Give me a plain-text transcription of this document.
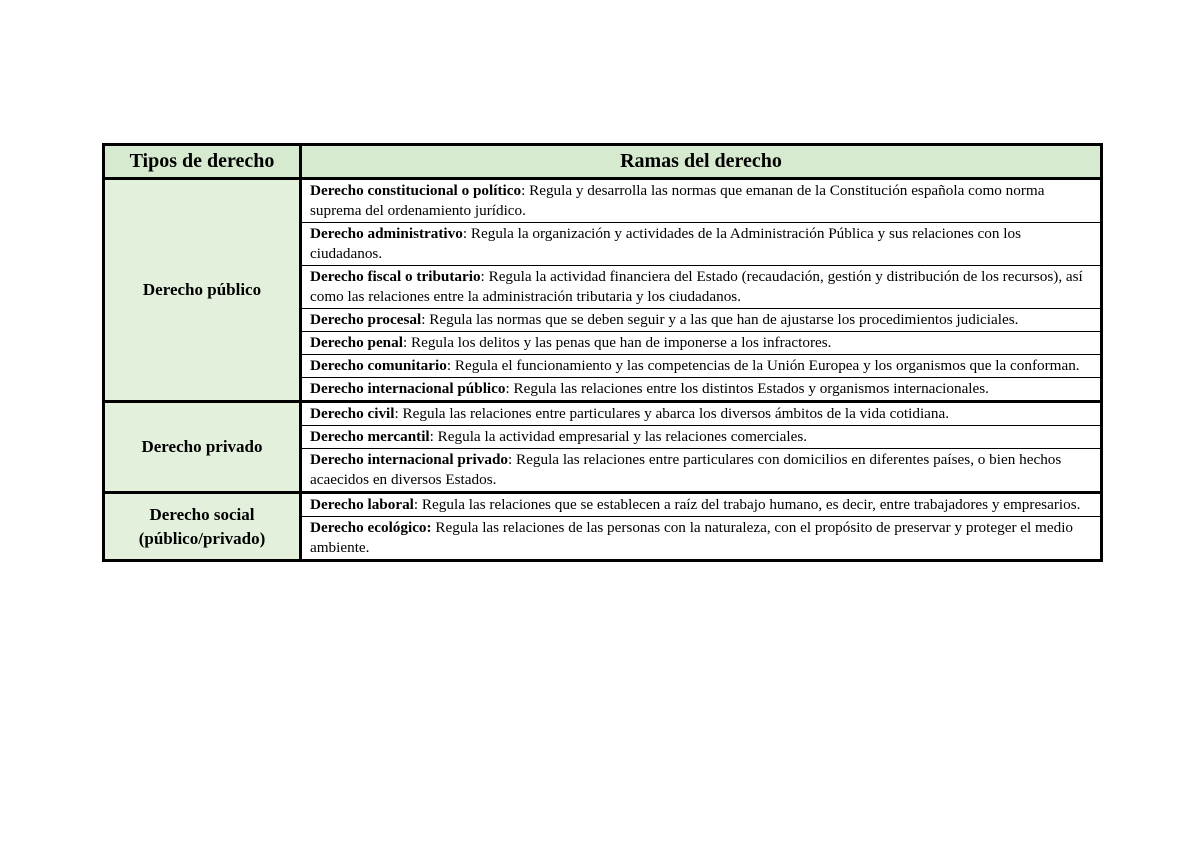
Tipos de derecho	Ramas del derecho
Derecho público	Derecho constitucional o político: Regula y desarrolla las normas que emanan de la Constitución española como norma suprema del ordenamiento jurídico.
	Derecho administrativo: Regula la organización y actividades de la Administración Pública y sus relaciones con los ciudadanos.
	Derecho fiscal o tributario: Regula la actividad financiera del Estado (recaudación, gestión y distribución de los recursos), así como las relaciones entre la administración tributaria y los ciudadanos.
	Derecho procesal: Regula las normas que se deben seguir y a las que han de ajustarse los procedimientos judiciales.
	Derecho penal: Regula los delitos y las penas que han de imponerse a los infractores.
	Derecho comunitario: Regula el funcionamiento y las competencias de la Unión Europea y los organismos que la conforman.
	Derecho internacional público: Regula las relaciones entre los distintos Estados y organismos internacionales.
Derecho privado	Derecho civil: Regula las relaciones entre particulares y abarca los diversos ámbitos de la vida cotidiana.
	Derecho mercantil: Regula la actividad empresarial y las relaciones comerciales.
	Derecho internacional privado: Regula las relaciones entre particulares con domicilios en diferentes países, o bien hechos acaecidos en diversos Estados.
Derecho social
(público/privado)	Derecho laboral: Regula las relaciones que se establecen a raíz del trabajo humano, es decir, entre trabajadores y empresarios.
	Derecho ecológico: Regula las relaciones de las personas con la naturaleza, con el propósito de preservar y proteger el medio ambiente.
